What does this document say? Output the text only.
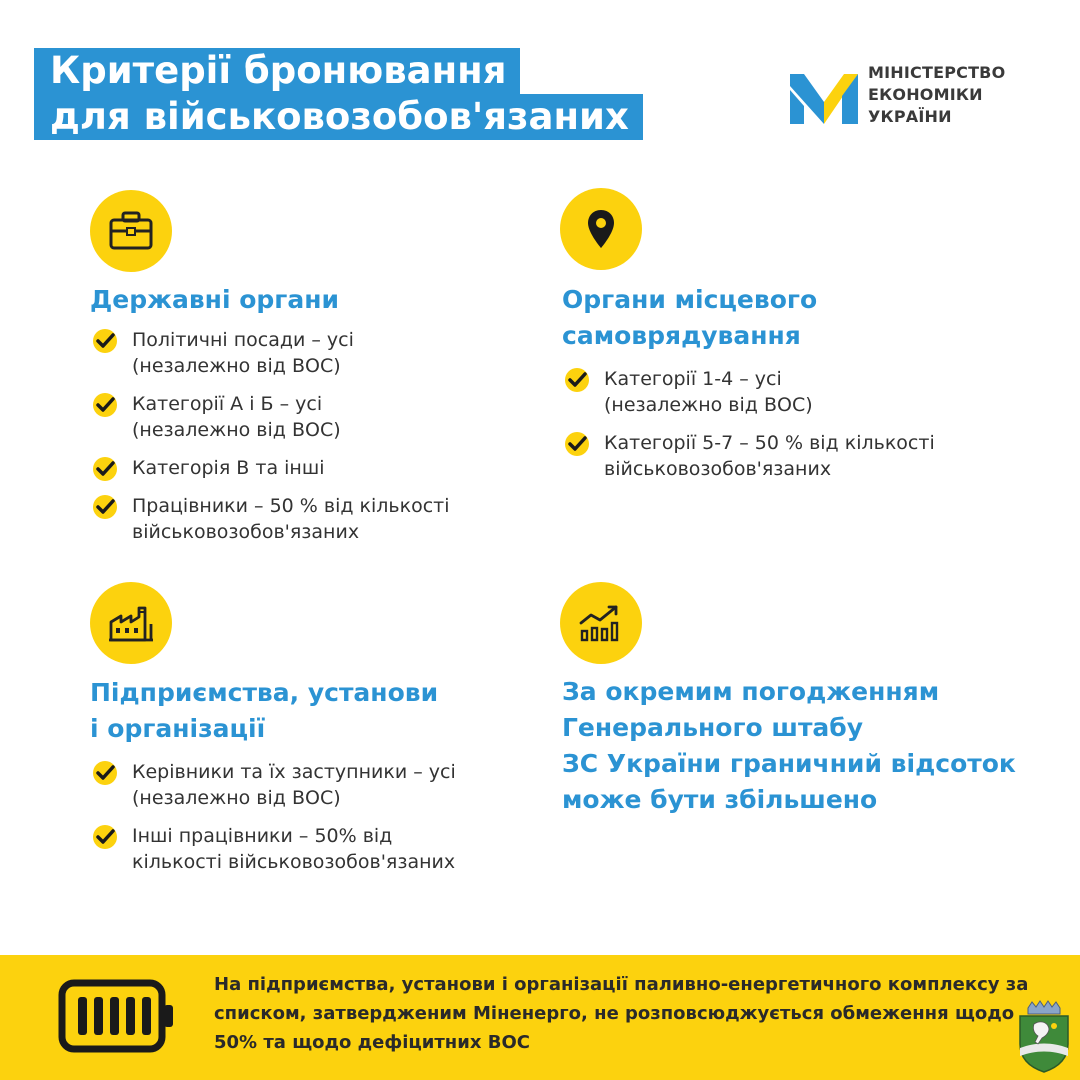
Критерії бронювання
для військовозобов'язаних
МІНІСТЕРСТВО
ЕКОНОМІКИ
УКРАЇНИ
Державні органи
Політичні посади – усі
(незалежно від ВОС)
Категорії А і Б – усі
(незалежно від ВОС)
Категорія В та інші
Працівники – 50 % від кількості
військовозобов'язаних
Органи місцевого
самоврядування
Категорії 1-4 – усі
(незалежно від ВОС)
Категорії 5-7 – 50 % від кількості
військовозобов'язаних
Підприємства, установи
і організації
Керівники та їх заступники – усі
(незалежно від ВОС)
Інші працівники – 50% від
кількості військовозобов'язаних
За окремим погодженням
Генерального штабу
ЗС України граничний відсоток
може бути збільшено
На підприємства, установи і організації паливно-енергетичного комплексу за
списком, затвердженим Міненерго, не розповсюджується обмеження щодо
50% та щодо дефіцитних ВОС
